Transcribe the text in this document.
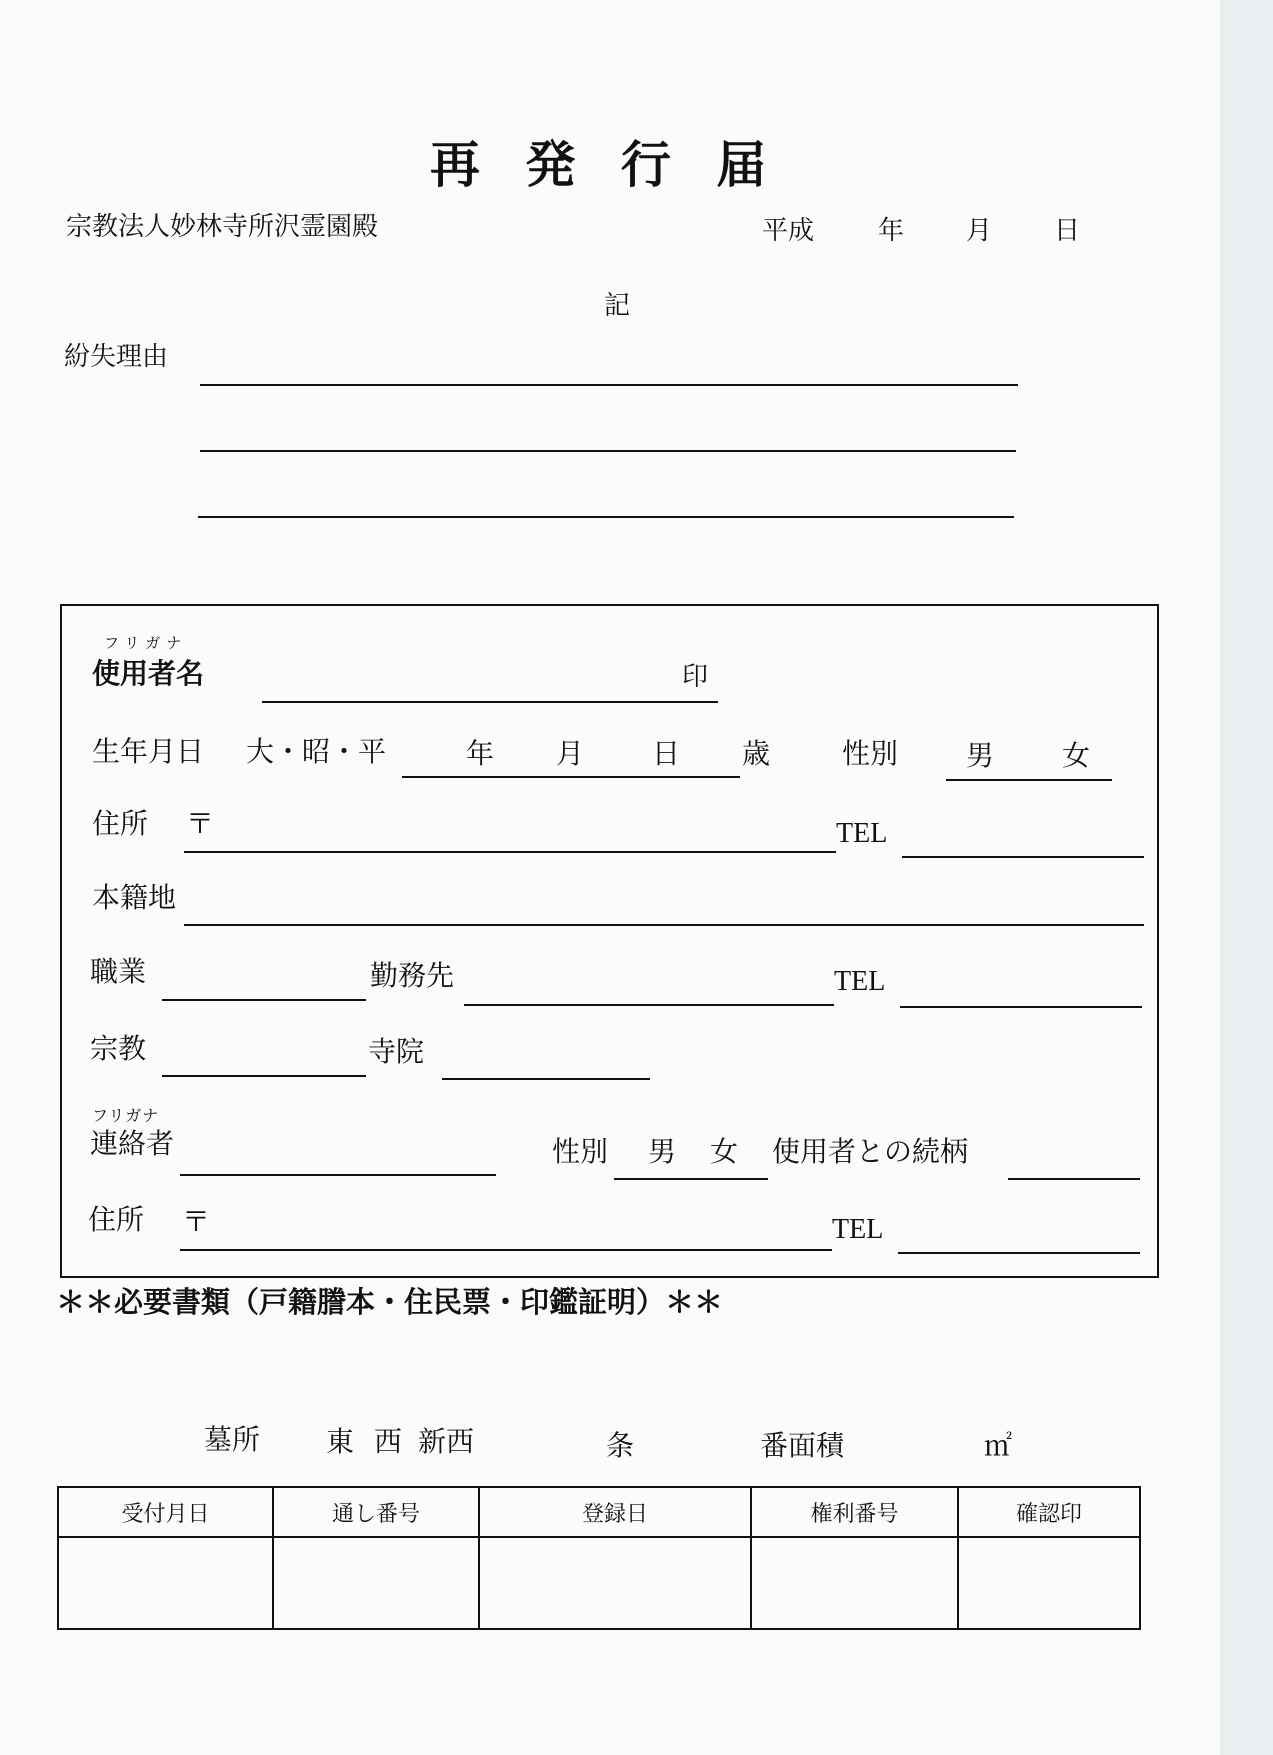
再 発 行 届
宗教法人妙林寺所沢霊園殿	平成 年 月 日
記
紛失理由
フリガナ
使用者名	印
生年月日 大・昭・平	年 月 日 歳	性別 男 女
住所 〒	TEL
本籍地
職業	勤務先	TEL
宗教	寺院
フリガナ
連絡者	性別 男 女 使用者との続柄
住所 〒	TEL
＊＊必要書類（戸籍謄本・住民票・印鑑証明）＊＊
墓所 東 西 新西	条	番面積	㎡
受付月日	通し番号	登録日	権利番号	確認印
